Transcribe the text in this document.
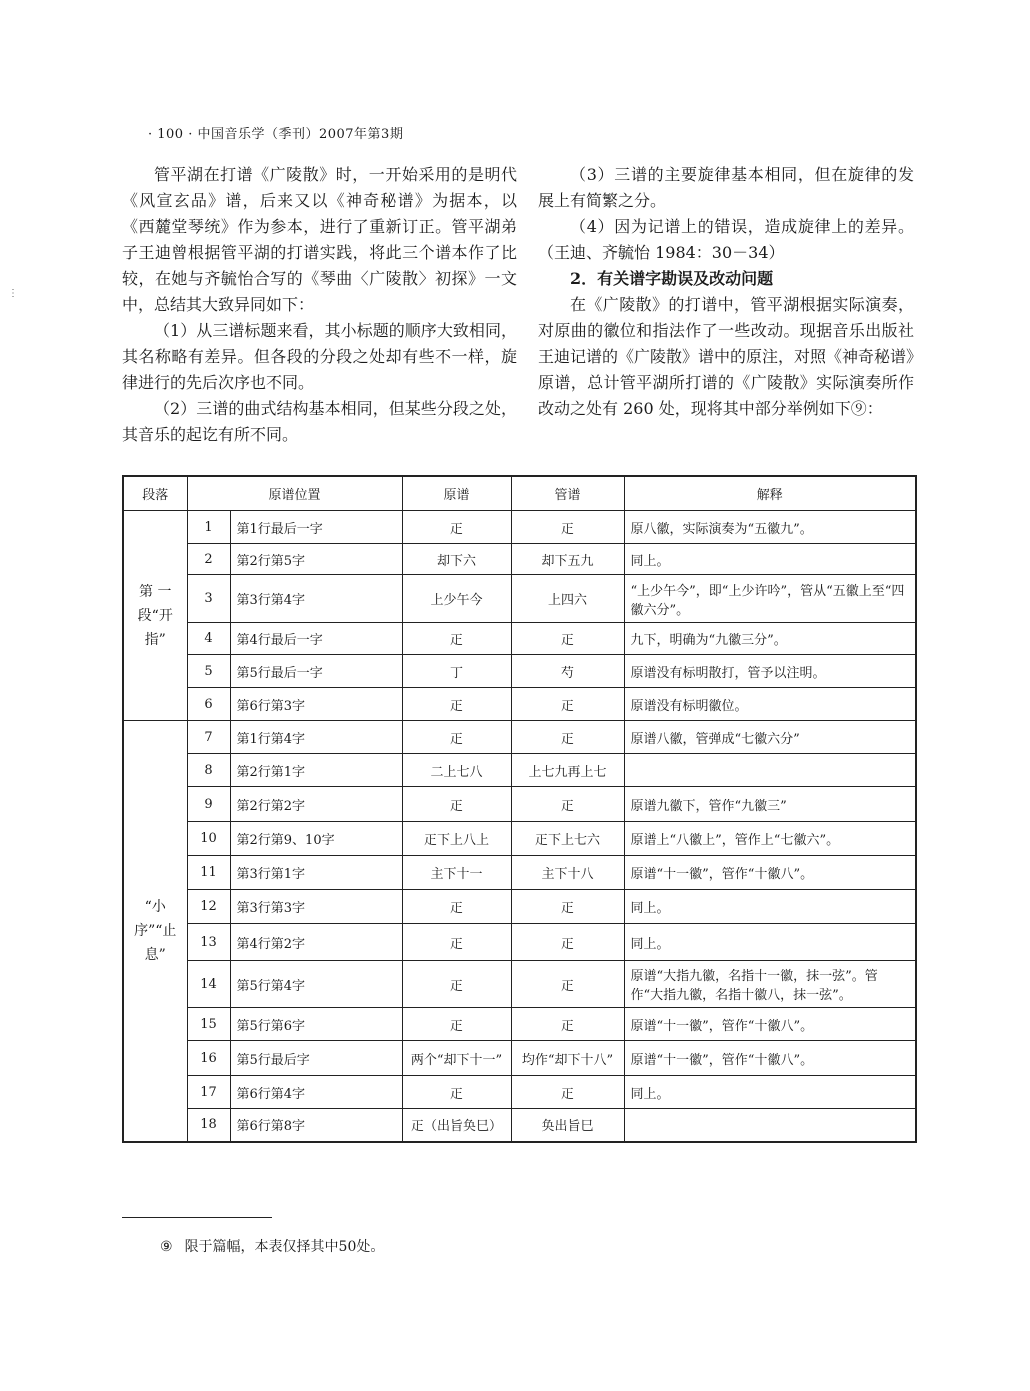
⋮
· 100 · 中国音乐学（季刊）2007年第3期

管平湖在打谱《广陵散》时，一开始采用的是明代《风宣玄品》谱，后来又以《神奇秘谱》为据本，以《西麓堂琴统》作为参本，进行了重新订正。管平湖弟子王迪曾根据管平湖的打谱实践，将此三个谱本作了比较，在她与齐毓怡合写的《琴曲〈广陵散〉初探》一文中，总结其大致异同如下：

（1）从三谱标题来看，其小标题的顺序大致相同，其名称略有差异。但各段的分段之处却有些不一样，旋律进行的先后次序也不同。

（2）三谱的曲式结构基本相同，但某些分段之处，其音乐的起讫有所不同。

（3）三谱的主要旋律基本相同，但在旋律的发展上有简繁之分。

（4）因为记谱上的错误，造成旋律上的差异。（王迪、齐毓怡 1984：30－34）

2．有关谱字勘误及改动问题

在《广陵散》的打谱中，管平湖根据实际演奏，对原曲的徽位和指法作了一些改动。现据音乐出版社王迪记谱的《广陵散》谱中的原注，对照《神奇秘谱》原谱，总计管平湖所打谱的《广陵散》实际演奏所作改动之处有 260 处，现将其中部分举例如下⑨：

段落	原谱位置		原谱	管谱	解释
第 一 段“开 指”	1	第1行最后一字	𤴓	𤴓	原八徽，实际演奏为“五徽九”。
	2	第2行第5字	却下六	却下五九	同上。
	3	第3行第4字	上少午今	上四六	“上少午今”，即“上少许吟”，管从“五徽上至“四徽六分”。
	4	第4行最后一字	𤴓	𤴓	九下，明确为“九徽三分”。
	5	第5行最后一字	丁	芍	原谱没有标明散打，管予以注明。
	6	第6行第3字	𤴓	𤴓	原谱没有标明徽位。
“小序”“止息”	7	第1行第4字	𤴓	𤴓	原谱八徽，管弹成“七徽六分”
	8	第2行第1字	二上七八	上七九再上七	
	9	第2行第2字	𤴓	𤴓	原谱九徽下，管作“九徽三”
	10	第2行第9、10字	𤴓下上八上	𤴓下上七六	原谱上“八徽上”，管作上“七徽六”。
	11	第3行第1字	主下十一	主下十八	原谱“十一徽”，管作“十徽八”。
	12	第3行第3字	𤴓	𤴓	同上。
	13	第4行第2字	𤴓	𤴓	同上。
	14	第5行第4字	𤴓	𤴓	原谱“大指九徽，名指十一徽，抹一弦”。管作“大指九徽，名指十徽八，抹一弦”。
	15	第5行第6字	𤴓	𤴓	原谱“十一徽”，管作“十徽八”。
	16	第5行最后字	两个“却下十一”	均作“却下十八”	原谱“十一徽”，管作“十徽八”。
	17	第6行第4字	𤴓	𤴓	同上。
	18	第6行第8字	𤴓（出旨奂巳）	奂出旨巳	
⑨ 限于篇幅，本表仅择其中50处。
